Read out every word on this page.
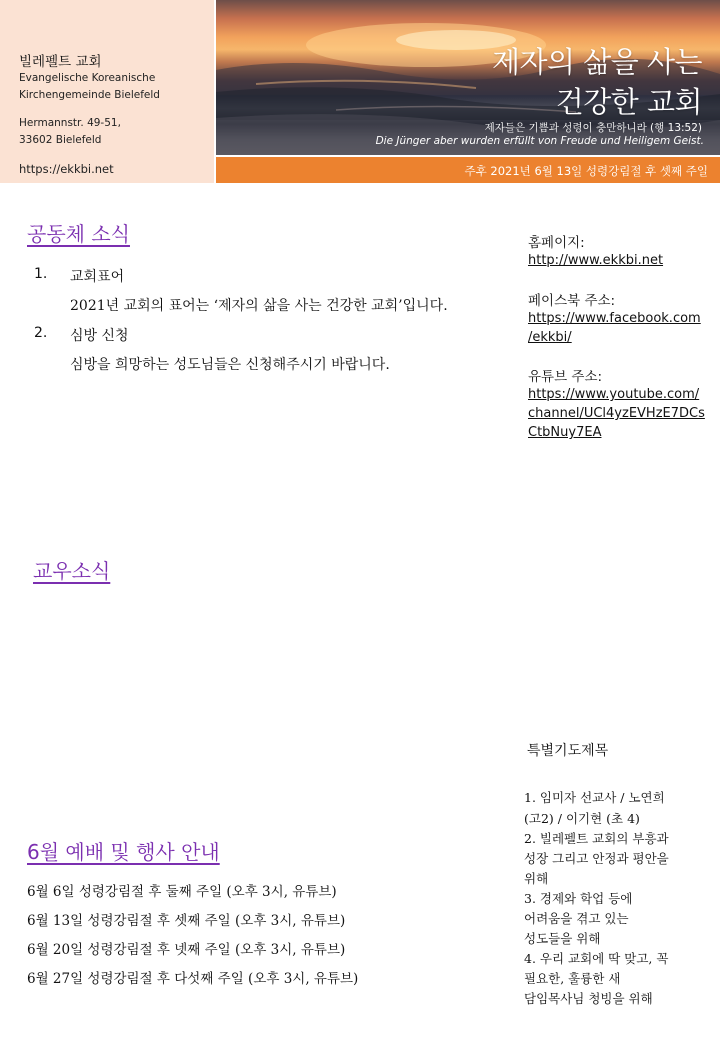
빌레펠트 교회
Evangelische Koreanische
Kirchengemeinde Bielefeld
Hermannstr. 49-51,
33602 Bielefeld
https://ekkbi.net
제자의 삶을 사는
건강한 교회
제자들은 기쁨과 성령이 충만하니라 (행 13:52)
Die Jünger aber wurden erfüllt von Freude und Heiligem Geist.
주후 2021년 6월 13일 성령강림절 후 셋째 주일
공동체 소식
1. 교회표어
2021년 교회의 표어는 ‘제자의 삶을 사는 건강한 교회’입니다.
2. 심방 신청
심방을 희망하는 성도님들은 신청해주시기 바랍니다.
교우소식
6월 예배 및 행사 안내
6월 6일 성령강림절 후 둘째 주일 (오후 3시, 유튜브)
6월 13일 성령강림절 후 셋째 주일 (오후 3시, 유튜브)
6월 20일 성령강림절 후 넷째 주일 (오후 3시, 유튜브)
6월 27일 성령강림절 후 다섯째 주일 (오후 3시, 유튜브)
홈페이지:
http://www.ekkbi.net
페이스북 주소:
https://www.facebook.com
/ekkbi/
유튜브 주소:
https://www.youtube.com/
channel/UCl4yzEVHzE7DCs
CtbNuy7EA
특별기도제목
1. 임미자 선교사 / 노연희
(고2) / 이기현 (초 4)
2. 빌레펠트 교회의 부흥과
성장 그리고 안정과 평안을
위해
3. 경제와 학업 등에
어려움을 겪고 있는
성도들을 위해
4. 우리 교회에 딱 맞고, 꼭
필요한, 훌륭한 새
담임목사님 청빙을 위해
